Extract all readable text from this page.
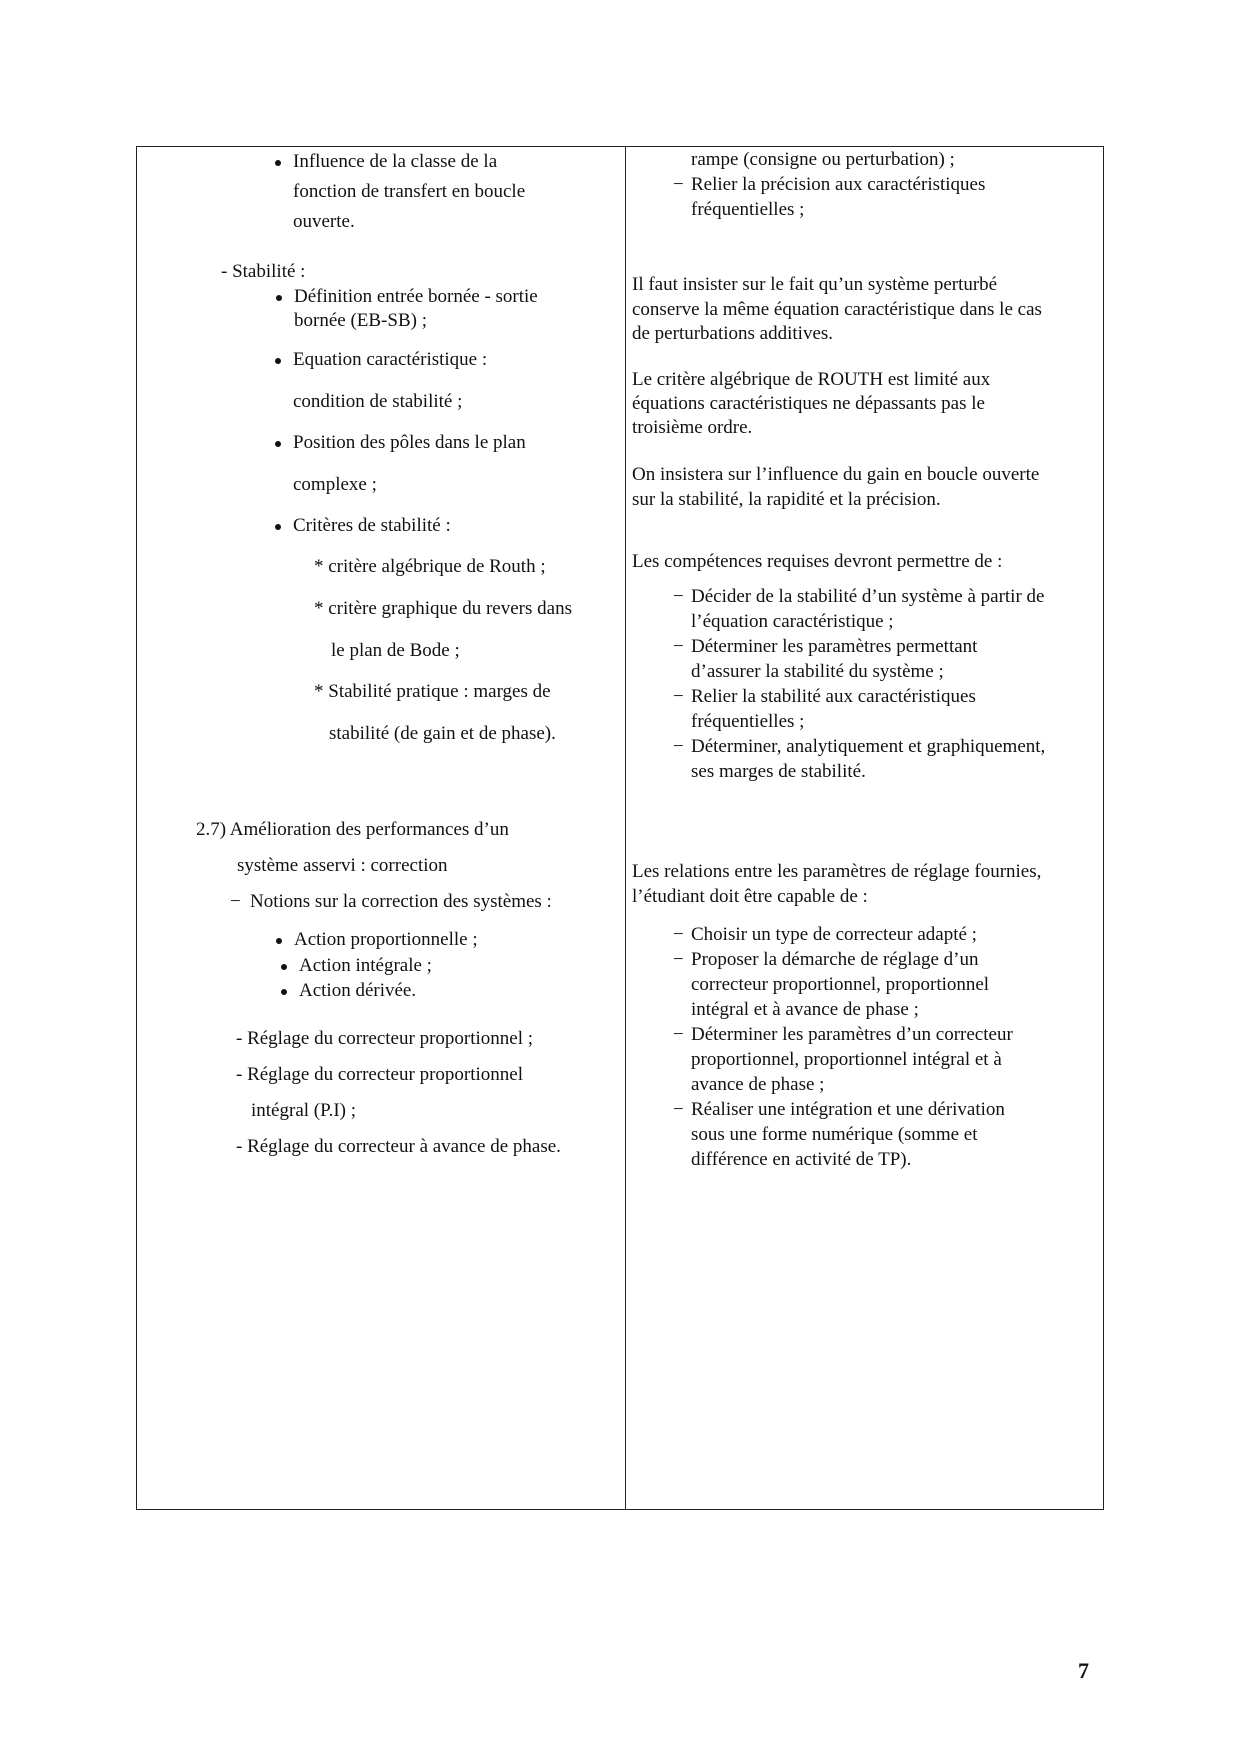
Influence de la classe de la
fonction de transfert en boucle
ouverte.
- Stabilité :
Définition entrée bornée - sortie
bornée (EB-SB) ;
Equation caractéristique :
condition de stabilité ;
Position des pôles dans le plan
complexe ;
Critères de stabilité :
* critère algébrique de Routh ;
* critère graphique du revers dans
le plan de Bode ;
* Stabilité pratique : marges de
stabilité (de gain et de phase).
2.7) Amélioration des performances d’un
système asservi : correction
− Notions sur la correction des systèmes :
Action proportionnelle ;
Action intégrale ;
Action dérivée.
- Réglage du correcteur proportionnel ;
- Réglage du correcteur proportionnel
intégral (P.I) ;
- Réglage du correcteur à avance de phase.
rampe (consigne ou perturbation) ;
− Relier la précision aux caractéristiques
fréquentielles ;
Il faut insister sur le fait qu’un système perturbé
conserve la même équation caractéristique dans le cas
de perturbations additives.
Le critère algébrique de ROUTH est limité aux
équations caractéristiques ne dépassants pas le
troisième ordre.
On insistera sur l’influence du gain en boucle ouverte
sur la stabilité, la rapidité et la précision.
Les compétences requises devront permettre de :
− Décider de la stabilité d’un système à partir de
l’équation caractéristique ;
− Déterminer les paramètres permettant
d’assurer la stabilité du système ;
− Relier la stabilité aux caractéristiques
fréquentielles ;
− Déterminer, analytiquement et graphiquement,
ses marges de stabilité.
Les relations entre les paramètres de réglage fournies,
l’étudiant doit être capable de :
− Choisir un type de correcteur adapté ;
− Proposer la démarche de réglage d’un
correcteur proportionnel, proportionnel
intégral et à avance de phase ;
− Déterminer les paramètres d’un correcteur
proportionnel, proportionnel intégral et à
avance de phase ;
− Réaliser une intégration et une dérivation
sous une forme numérique (somme et
différence en activité de TP).
7
